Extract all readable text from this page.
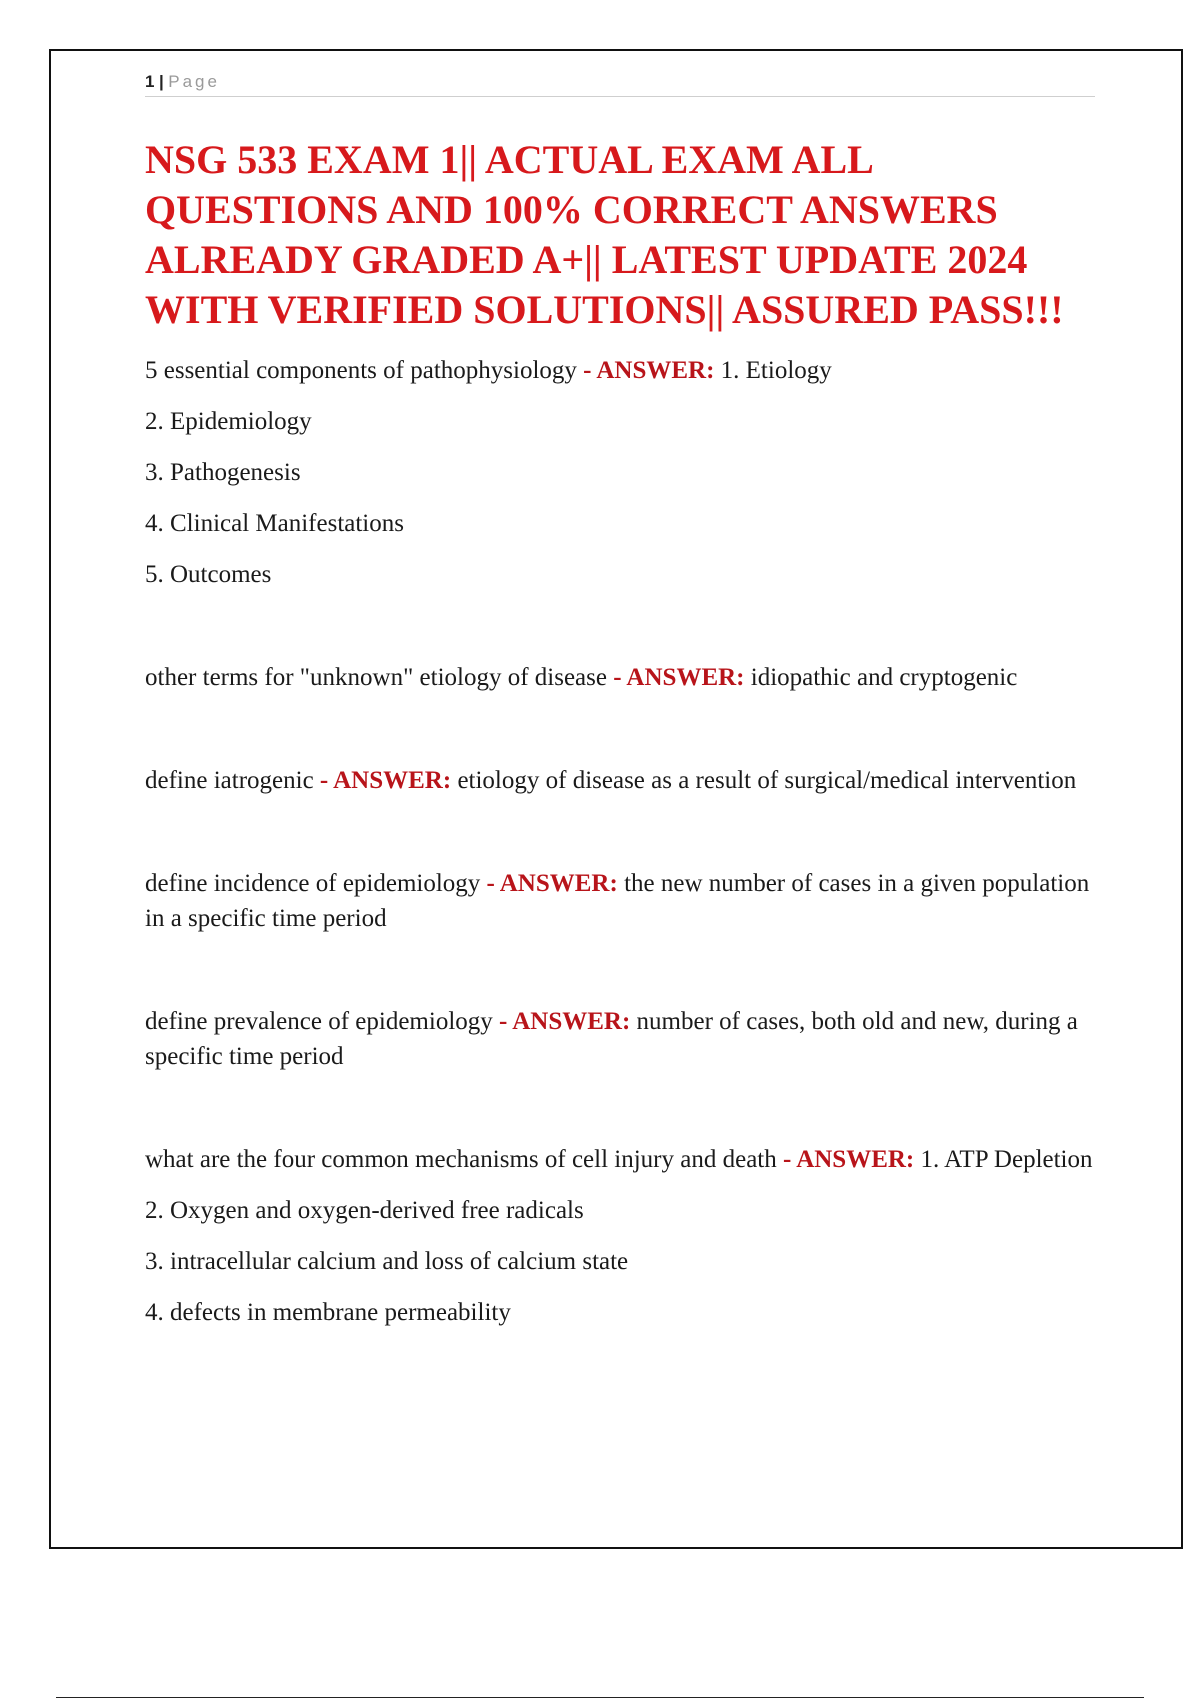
1 | Page
NSG 533 EXAM 1|| ACTUAL EXAM ALL QUESTIONS AND 100% CORRECT ANSWERS ALREADY GRADED A+|| LATEST UPDATE 2024 WITH VERIFIED SOLUTIONS|| ASSURED PASS!!!
5 essential components of pathophysiology - ANSWER: 1. Etiology
2. Epidemiology
3. Pathogenesis
4. Clinical Manifestations
5. Outcomes
other terms for "unknown" etiology of disease - ANSWER: idiopathic and cryptogenic
define iatrogenic - ANSWER: etiology of disease as a result of surgical/medical intervention
define incidence of epidemiology - ANSWER: the new number of cases in a given population in a specific time period
define prevalence of epidemiology - ANSWER: number of cases, both old and new, during a specific time period
what are the four common mechanisms of cell injury and death - ANSWER: 1. ATP Depletion
2. Oxygen and oxygen-derived free radicals
3. intracellular calcium and loss of calcium state
4. defects in membrane permeability
